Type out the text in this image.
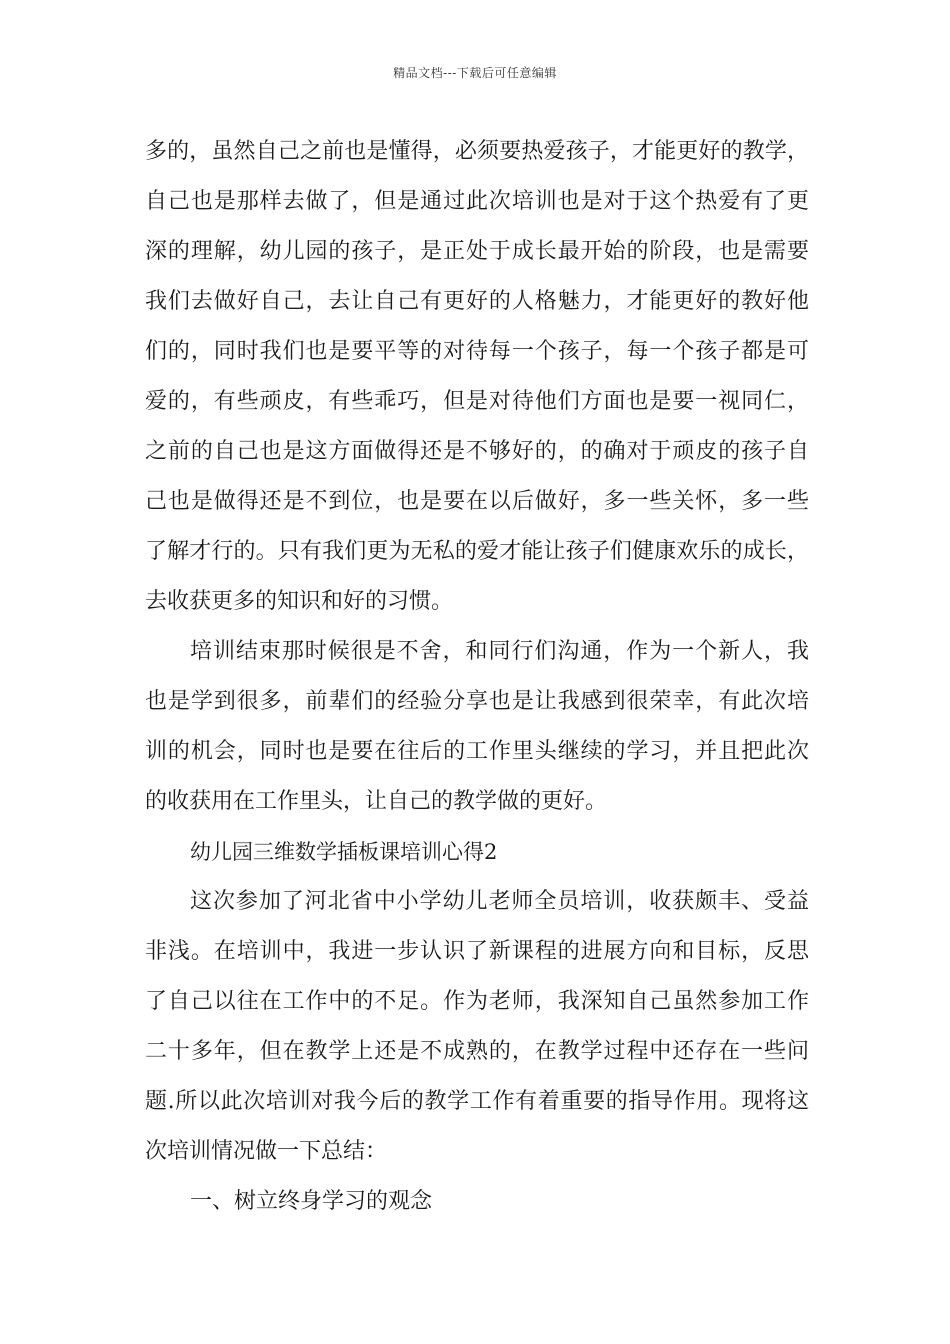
精品文档---下载后可任意编辑
多的，虽然自己之前也是懂得，必须要热爱孩子，才能更好的教学，
自己也是那样去做了，但是通过此次培训也是对于这个热爱有了更
深的理解，幼儿园的孩子，是正处于成长最开始的阶段，也是需要
我们去做好自己，去让自己有更好的人格魅力，才能更好的教好他
们的，同时我们也是要平等的对待每一个孩子，每一个孩子都是可
爱的，有些顽皮，有些乖巧，但是对待他们方面也是要一视同仁，
之前的自己也是这方面做得还是不够好的，的确对于顽皮的孩子自
己也是做得还是不到位，也是要在以后做好，多一些关怀，多一些
了解才行的。只有我们更为无私的爱才能让孩子们健康欢乐的成长，
去收获更多的知识和好的习惯。
培训结束那时候很是不舍，和同行们沟通，作为一个新人，我
也是学到很多，前辈们的经验分享也是让我感到很荣幸，有此次培
训的机会，同时也是要在往后的工作里头继续的学习，并且把此次
的收获用在工作里头，让自己的教学做的更好。
幼儿园三维数学插板课培训心得2
这次参加了河北省中小学幼儿老师全员培训，收获颇丰、受益
非浅。在培训中，我进一步认识了新课程的进展方向和目标，反思
了自己以往在工作中的不足。作为老师，我深知自己虽然参加工作
二十多年，但在教学上还是不成熟的，在教学过程中还存在一些问
题.所以此次培训对我今后的教学工作有着重要的指导作用。现将这
次培训情况做一下总结：
一、树立终身学习的观念
